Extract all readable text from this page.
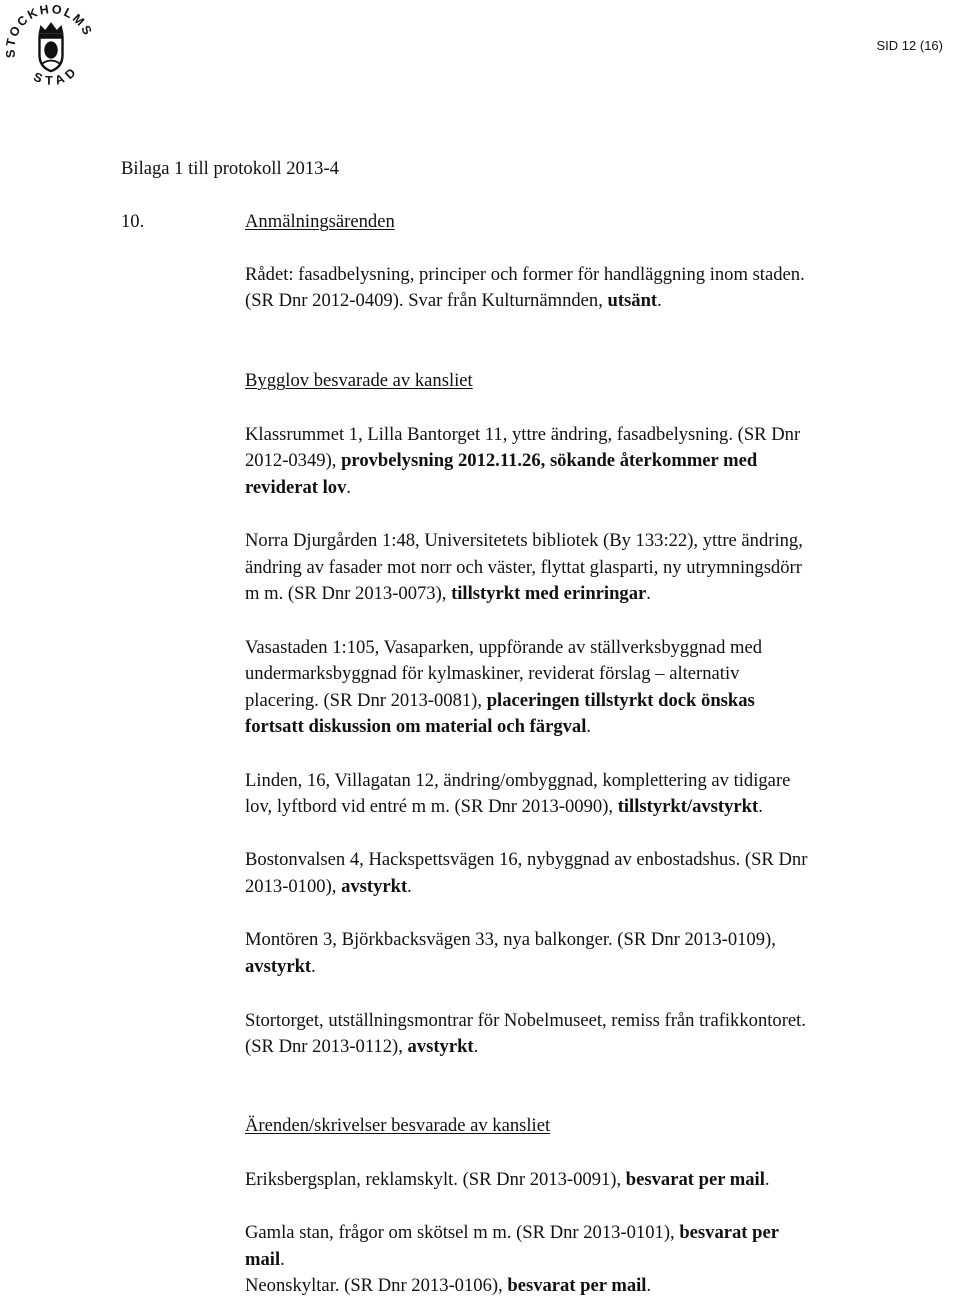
STOCKHOLMS
STAD
SID 12 (16)
Bilaga 1 till protokoll 2013-4
10.	Anmälningsärenden
Rådet: fasadbelysning, principer och former för handläggning inom staden.
(SR Dnr 2012-0409). Svar från Kulturnämnden, utsänt.
Bygglov besvarade av kansliet
Klassrummet 1, Lilla Bantorget 11, yttre ändring, fasadbelysning. (SR Dnr
2012-0349), provbelysning 2012.11.26, sökande återkommer med
reviderat lov.
Norra Djurgården 1:48, Universitetets bibliotek (By 133:22), yttre ändring,
ändring av fasader mot norr och väster, flyttat glasparti, ny utrymningsdörr
m m. (SR Dnr 2013-0073), tillstyrkt med erinringar.
Vasastaden 1:105, Vasaparken, uppförande av ställverksbyggnad med
undermarksbyggnad för kylmaskiner, reviderat förslag – alternativ
placering. (SR Dnr 2013-0081), placeringen tillstyrkt dock önskas
fortsatt diskussion om material och färgval.
Linden, 16, Villagatan 12, ändring/ombyggnad, komplettering av tidigare
lov, lyftbord vid entré m m. (SR Dnr 2013-0090), tillstyrkt/avstyrkt.
Bostonvalsen 4, Hackspettsvägen 16, nybyggnad av enbostadshus. (SR Dnr
2013-0100), avstyrkt.
Montören 3, Björkbacksvägen 33, nya balkonger. (SR Dnr 2013-0109),
avstyrkt.
Stortorget, utställningsmontrar för Nobelmuseet, remiss från trafikkontoret.
(SR Dnr 2013-0112), avstyrkt.
Ärenden/skrivelser besvarade av kansliet
Eriksbergsplan, reklamskylt. (SR Dnr 2013-0091), besvarat per mail.
Gamla stan, frågor om skötsel m m. (SR Dnr 2013-0101), besvarat per
mail.
Neonskyltar. (SR Dnr 2013-0106), besvarat per mail.
